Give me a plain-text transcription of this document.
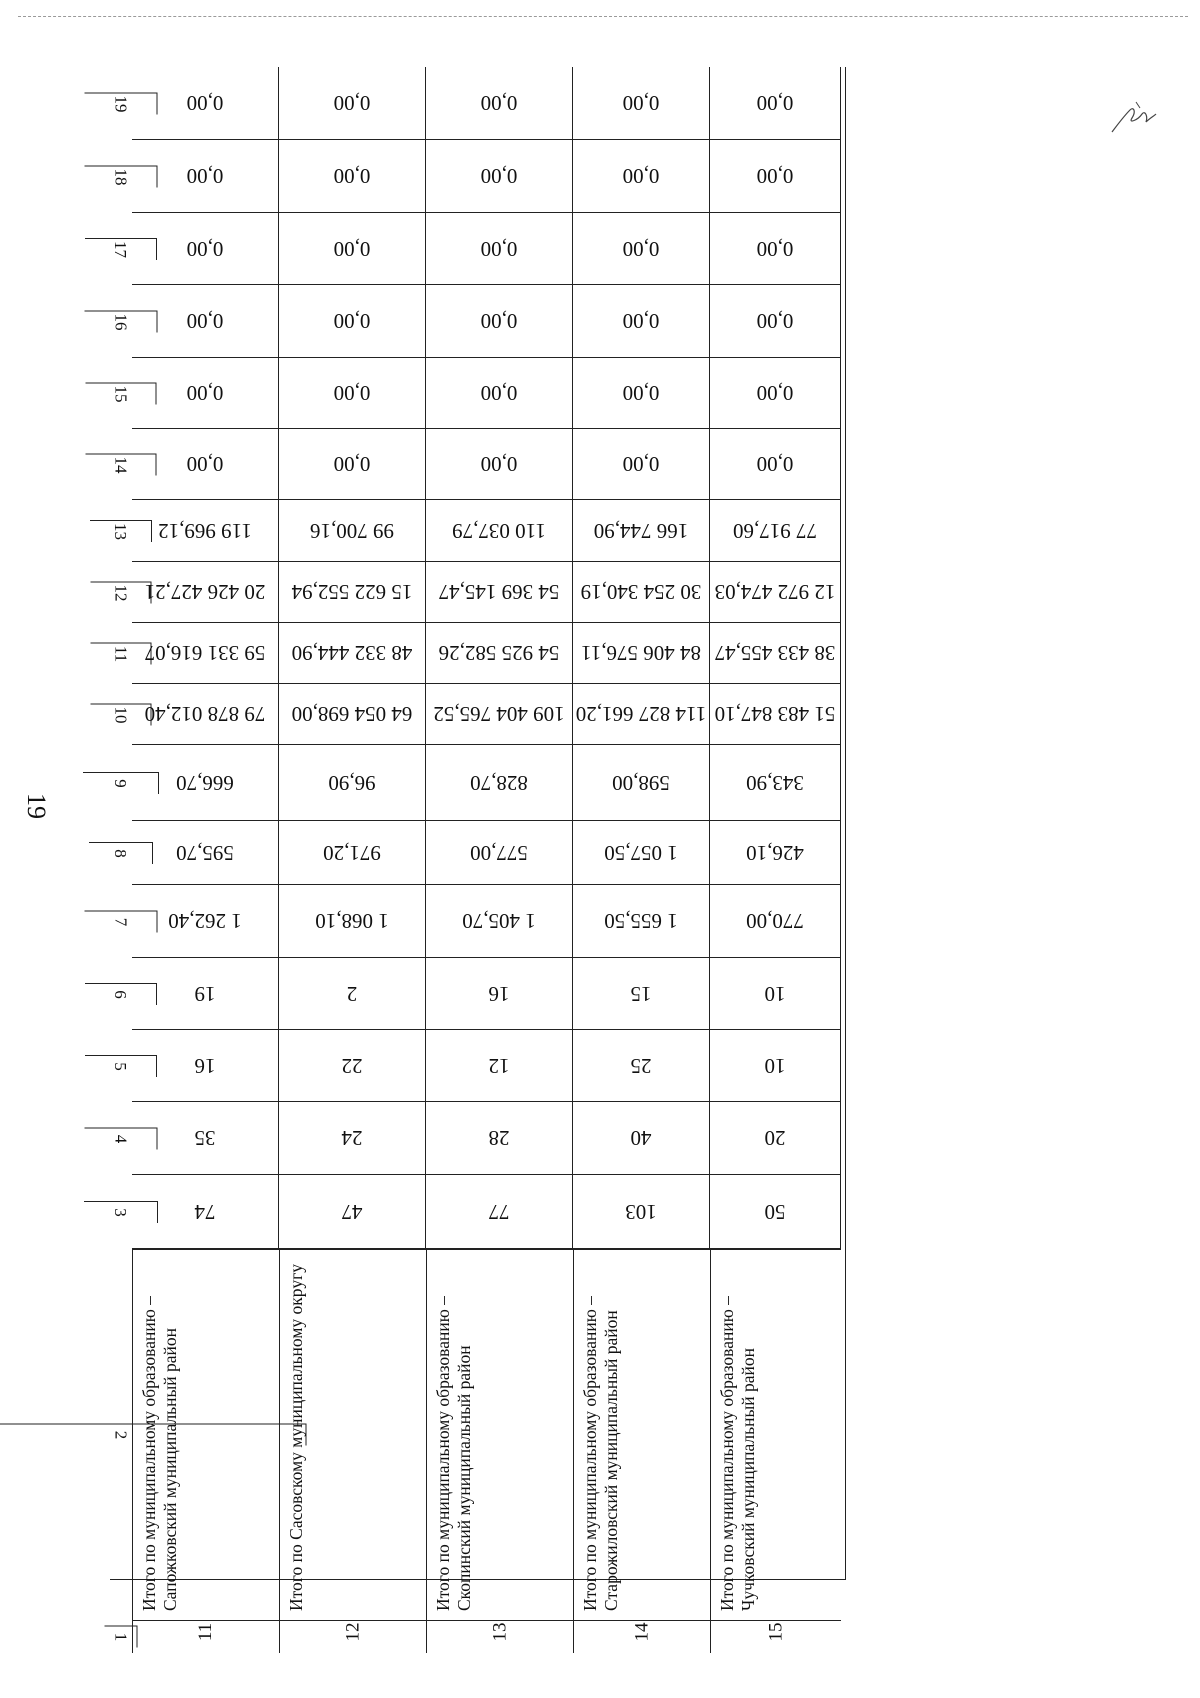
19
19
18
17
16
15
14
13
12
11
10
9
8
7
6
5
4
3
2
1
0,00
0,00
0,00
0,00
0,00
0,00
119 969,12
20 426 427,21
59 331 616,07
79 878 012,40
666,70
595,70
1 262,40
19
16
35
74
Итого по муниципальному образованию – Сапожковский муниципальный район
11
0,00
0,00
0,00
0,00
0,00
0,00
99 700,16
15 622 552,94
48 332 444,90
64 054 698,00
96,90
971,20
1 068,10
2
22
24
47
Итого по Сасовскому муниципальному округу
12
0,00
0,00
0,00
0,00
0,00
0,00
110 037,79
54 369 145,47
54 925 582,26
109 404 765,52
828,70
577,00
1 405,70
16
12
28
77
Итого по муниципальному образованию – Скопинский муниципальный район
13
0,00
0,00
0,00
0,00
0,00
0,00
166 744,90
30 254 340,19
84 406 576,11
114 827 661,20
598,00
1 057,50
1 655,50
15
25
40
103
Итого по муниципальному образованию – Старожиловский муниципальный район
14
0,00
0,00
0,00
0,00
0,00
0,00
77 917,60
12 972 474,03
38 433 455,47
51 483 847,10
343,90
426,10
770,00
10
10
20
50
Итого по муниципальному образованию – Чучковский муниципальный район
15
